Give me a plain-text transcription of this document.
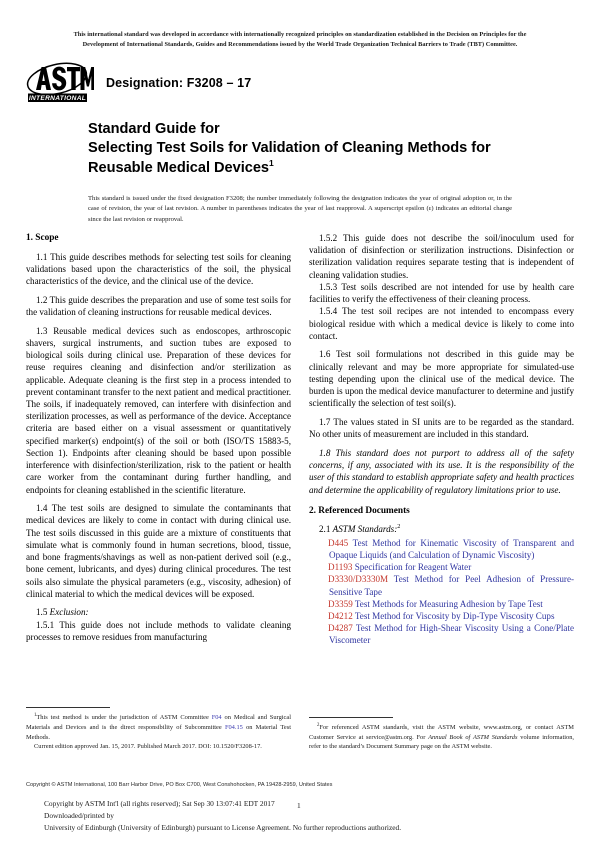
This international standard was developed in accordance with internationally recognized principles on standardization established in the Decision on Principles for the
Development of International Standards, Guides and Recommendations issued by the World Trade Organization Technical Barriers to Trade (TBT) Committee.
INTERNATIONAL
Designation: F3208 – 17
Standard Guide for
Selecting Test Soils for Validation of Cleaning Methods for
Reusable Medical Devices$^1$
This standard is issued under the fixed designation F3208; the number immediately following the designation indicates the year of original adoption or, in the case of revision, the year of last revision. A number in parentheses indicates the year of last reapproval. A superscript epsilon (ε) indicates an editorial change since the last revision or reapproval.
1. Scope

1.1 This guide describes methods for selecting test soils for cleaning validations based upon the characteristics of the soil, the physical characteristics of the device, and the clinical use of the device.

1.2 This guide describes the preparation and use of some test soils for the validation of cleaning instructions for reusable medical devices.

1.3 Reusable medical devices such as endoscopes, arthroscopic shavers, surgical instruments, and suction tubes are exposed to biological soils during clinical use. Preparation of these devices for reuse requires cleaning and disinfection and/or sterilization as applicable. Adequate cleaning is the first step in a process intended to prevent contaminant transfer to the next patient and medical practitioner. The soils, if inadequately removed, can interfere with disinfection and sterilization processes, as well as performance of the device. Acceptance criteria are based either on a visual assessment or quantitatively specified marker(s) endpoint(s) of the soil or both (ISO/TS 15883-5, Section 1). Endpoints after cleaning should be based upon possible interference with disinfection/sterilization, risk to the patient or health care worker from the contaminant during further handling, and endpoints for cleaning established in the scientific literature.

1.4 The test soils are designed to simulate the contaminants that medical devices are likely to come in contact with during clinical use. The test soils discussed in this guide are a mixture of constituents that simulate what is commonly found in human secretions, blood, tissue, and bone fragments/shavings as well as non-patient derived soil (e.g., bone cement, lubricants, and dyes) during clinical procedures. The test soils also simulate the physical parameters (e.g., viscosity, adhesion) of clinical material to which the medical devices will be exposed.

1.5 Exclusion:

1.5.1 This guide does not include methods to validate cleaning processes to remove residues from manufacturing

$^1$This test method is under the jurisdiction of ASTM Committee F04 on Medical and Surgical Materials and Devices and is the direct responsibility of Subcommittee F04.15 on Material Test Methods.

Current edition approved Jan. 15, 2017. Published March 2017. DOI: 10.1520/F3208-17.

1.5.2 This guide does not describe the soil/inoculum used for validation of disinfection or sterilization instructions. Disinfection or sterilization validation requires separate testing that is independent of cleaning validation studies.

1.5.3 Test soils described are not intended for use by health care facilities to verify the effectiveness of their cleaning process.

1.5.4 The test soil recipes are not intended to encompass every biological residue with which a medical device is likely to come into contact.

1.6 Test soil formulations not described in this guide may be clinically relevant and may be more appropriate for simulated-use testing depending upon the clinical use of the medical device. The burden is upon the medical device manufacturer to determine and justify scientifically the selection of test soil(s).

1.7 The values stated in SI units are to be regarded as the standard. No other units of measurement are included in this standard.

1.8 This standard does not purport to address all of the safety concerns, if any, associated with its use. It is the responsibility of the user of this standard to establish appropriate safety and health practices and determine the applicability of regulatory limitations prior to use.

2. Referenced Documents

2.1 ASTM Standards:$^2$

D445 Test Method for Kinematic Viscosity of Transparent and Opaque Liquids (and Calculation of Dynamic Viscosity)
D1193 Specification for Reagent Water
D3330/D3330M Test Method for Peel Adhesion of Pressure-Sensitive Tape
D3359 Test Methods for Measuring Adhesion by Tape Test
D4212 Test Method for Viscosity by Dip-Type Viscosity Cups
D4287 Test Method for High-Shear Viscosity Using a Cone/Plate Viscometer

$^2$For referenced ASTM standards, visit the ASTM website, www.astm.org, or contact ASTM Customer Service at service@astm.org. For Annual Book of ASTM Standards volume information, refer to the standard’s Document Summary page on the ASTM website.

Copyright © ASTM International, 100 Barr Harbor Drive, PO Box C700, West Conshohocken, PA 19428-2959, United States
Copyright by ASTM Int'l (all rights reserved); Sat Sep 30 13:07:41 EDT 2017
Downloaded/printed by
University of Edinburgh (University of Edinburgh) pursuant to License Agreement. No further reproductions authorized.
1
